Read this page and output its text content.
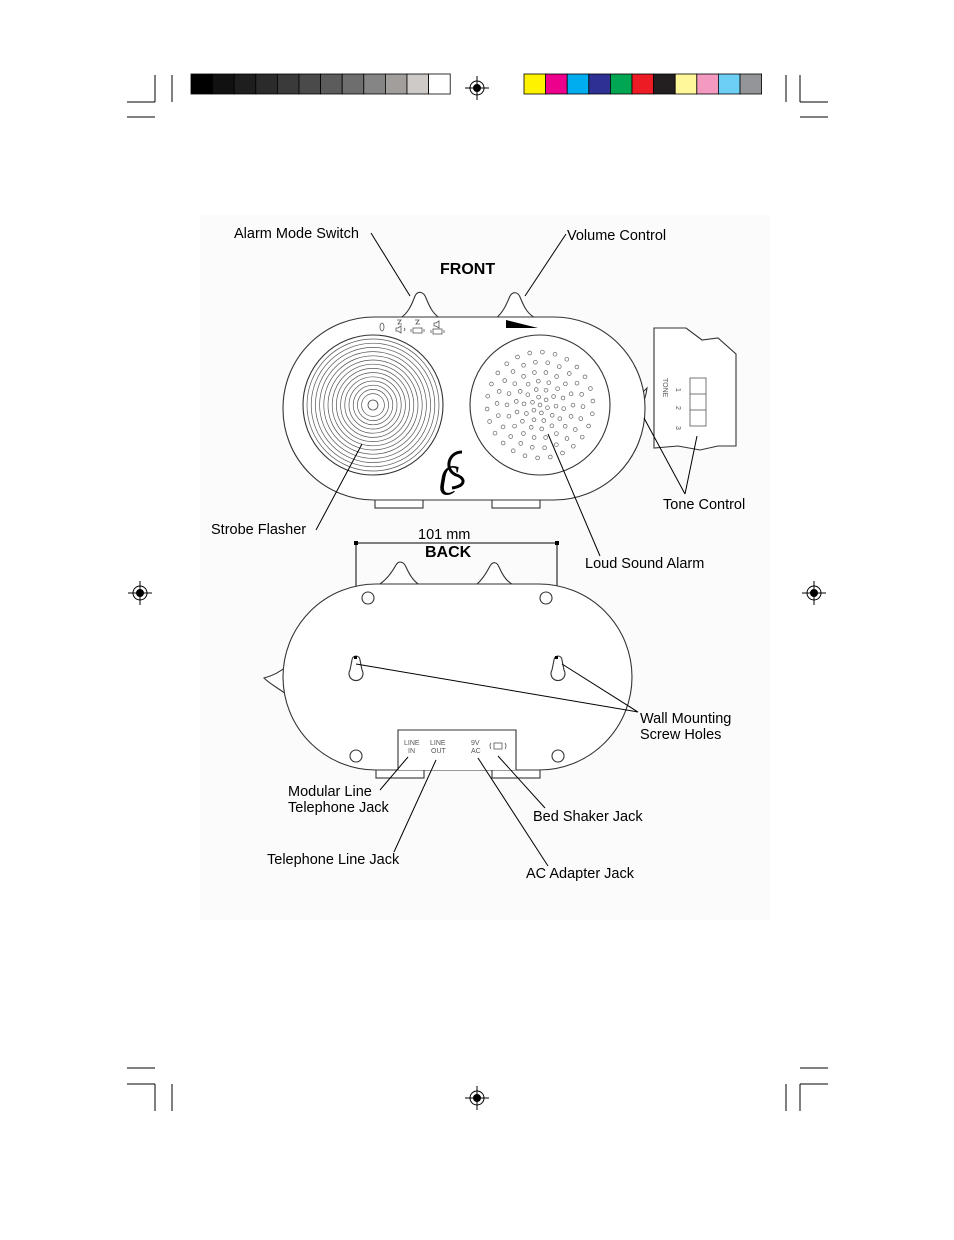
ʗ
TONE 1
2
3
FRONT
Alarm Mode Switch	Volume Control
Strobe Flasher
Loud Sound Alarm
Tone Control
101 mm
BACK
LINE
IN
LINE
OUT
9V
AC
Wall Mounting
Screw Holes
Modular Line
Telephone Jack
Bed Shaker Jack
Telephone Line Jack
AC Adapter Jack
